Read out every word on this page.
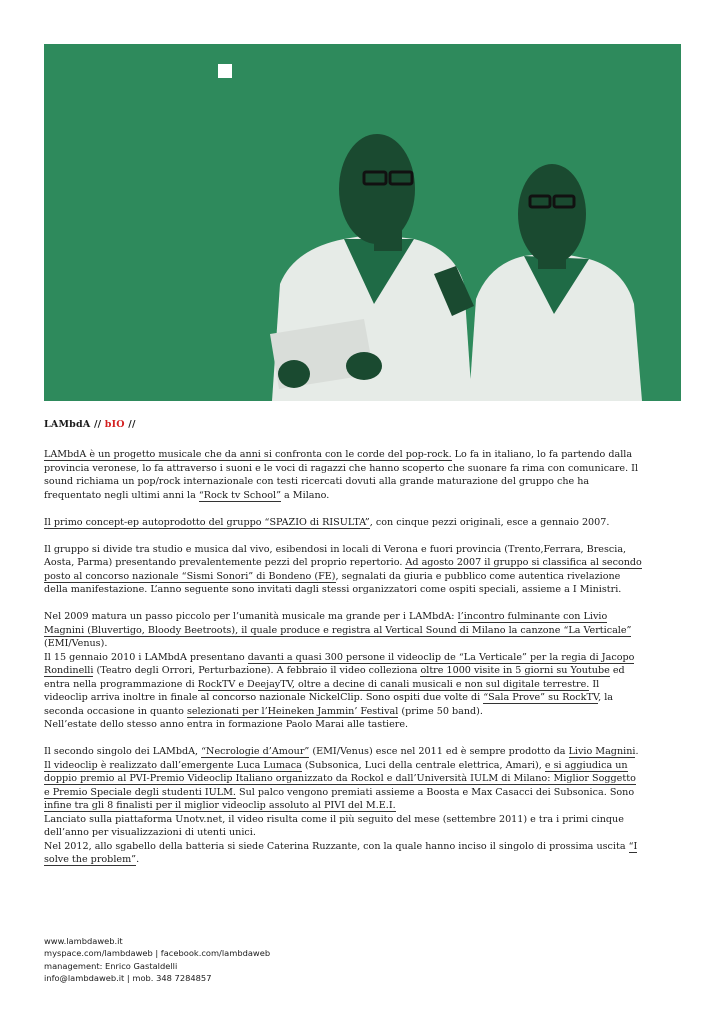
LAMbdA // bIO //

LAMbdA è un progetto musicale che da anni si confronta con le corde del pop-rock. Lo fa in italiano, lo fa partendo dalla provincia veronese, lo fa attraverso i suoni e le voci di ragazzi che hanno scoperto che suonare fa rima con comunicare. Il sound richiama un pop/rock internazionale con testi ricercati dovuti alla grande maturazione del gruppo che ha frequentato negli ultimi anni la “Rock tv School” a Milano.

Il primo concept-ep autoprodotto del gruppo “SPAZIO di RISULTA”, con cinque pezzi originali, esce a gennaio 2007.

Il gruppo si divide tra studio e musica dal vivo, esibendosi in locali di Verona e fuori provincia (Trento,Ferrara, Brescia, Aosta, Parma) presentando prevalentemente pezzi del proprio repertorio. Ad agosto 2007 il gruppo si classifica al secondo posto al concorso nazionale “Sismi Sonori” di Bondeno (FE), segnalati da giuria e pubblico come autentica rivelazione della manifestazione. L’anno seguente sono invitati dagli stessi organizzatori come ospiti speciali, assieme a I Ministri.

Nel 2009 matura un passo piccolo per l’umanità musicale ma grande per i LAMbdA: l’incontro fulminante con Livio Magnini (Bluvertigo, Bloody Beetroots), il quale produce e registra al Vertical Sound di Milano la canzone “La Verticale” (EMI/Venus).
Il 15 gennaio 2010 i LAMbdA presentano davanti a quasi 300 persone il videoclip de “La Verticale” per la regia di Jacopo Rondinelli (Teatro degli Orrori, Perturbazione). A febbraio il video colleziona oltre 1000 visite in 5 giorni su Youtube ed entra nella programmazione di RockTV e DeejayTV, oltre a decine di canali musicali e non sul digitale terrestre. Il videoclip arriva inoltre in finale al concorso nazionale NickelClip. Sono ospiti due volte di “Sala Prove” su RockTV, la seconda occasione in quanto selezionati per l’Heineken Jammin’ Festival (prime 50 band).
Nell’estate dello stesso anno entra in formazione Paolo Marai alle tastiere.

Il secondo singolo dei LAMbdA, “Necrologie d’Amour” (EMI/Venus) esce nel 2011 ed è sempre prodotto da Livio Magnini. Il videoclip è realizzato dall’emergente Luca Lumaca (Subsonica, Luci della centrale elettrica, Amari), e si aggiudica un doppio premio al PVI-Premio Videoclip Italiano organizzato da Rockol e dall’Università IULM di Milano: Miglior Soggetto e Premio Speciale degli studenti IULM. Sul palco vengono premiati assieme a Boosta e Max Casacci dei Subsonica. Sono infine tra gli 8 finalisti per il miglior videoclip assoluto al PIVI del M.E.I.
Lanciato sulla piattaforma Unotv.net, il video risulta come il più seguito del mese (settembre 2011) e tra i primi cinque dell’anno per visualizzazioni di utenti unici.
Nel 2012, allo sgabello della batteria si siede Caterina Ruzzante, con la quale hanno inciso il singolo di prossima uscita “I solve the problem”.

www.lambdaweb.it
myspace.com/lambdaweb | facebook.com/lambdaweb
management: Enrico Gastaldelli
info@lambdaweb.it | mob. 348 7284857
